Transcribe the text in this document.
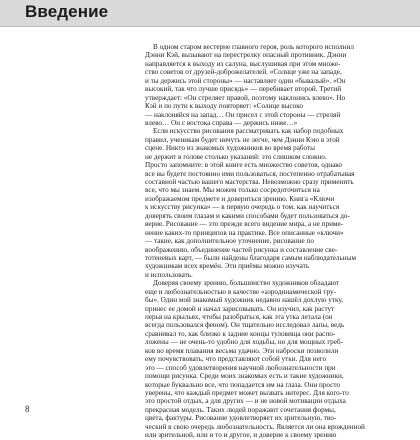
Введение
В одном старом вестерне главного героя, роль которого исполнил
Дэнни Кэй, вызывают на перестрелку опасный противник. Дэнни
направляется к выходу из салуна, выслушивая при этом множе-
ство советов от друзей-доброжелателей. «Солнце уже на западе,
и ты держись этой стороны» — наставляет один «бывалый». «Он
высокий, так что лучше присядь» — перебивает второй. Третий
утверждает: «Он стреляет правой, поэтому наклонись влево». Но
Кэй и по пути к выходу повторяет: «Солнце высоко
— наклоняйся на запад… Он присел с этой стороны — стреляй
влево… Он с востока справа — держись ниже…»
Если искусство рисования рассматривать как набор подобных
правил, ученикам будет ничуть не легче, чем Дэнни Кэю в этой
сцене. Никто из знакомых художников во время работы
не держит в голове столько указаний: это слишком сложно.
Просто запомните: в этой книге есть множество советов, однако
все вы будете постоянно ими пользоваться, постепенно отрабатывая
составной частью вашего мастерства. Невозможно сразу применить
все, что мы знаем. Мы можем только сосредоточиться на
изображаемом предмете и довериться зрению. Книга «Ключи
к искусству рисунка» — в первую очередь о том, как научиться
доверять своим глазам и какими способами будет пользоваться до-
верие. Рисование — это прежде всего видение мира, а не приме-
нение каких-то принципов на практике. Все описанные «ключи»
— такие, как дополнительное уточнение, рисование по
воображению, объединение частей рисунка и составление све-
тотеневых карт, — были найдены благодаря самым наблюдательным
художникам всех времён. Эти приёмы можно изучать
и использовать.
Доверяя своему зрению, большинство художников обладают
еще и любознательностью в качестве «аэродинамической тру-
бы». Один мой знакомый художник недавно нашёл дохлую утку,
принес ее домой и начал зарисовывать. Он изучил, как растут
перья на крыльях, чтобы разобраться, как эта утка летала (он
всегда пользовался феном). Он тщательно исследовал лапы, ведь
сравнивал то, как близко к задние концы туловища они распо-
ложены — не очень-то удобно для ходьбы, но для мощных греб-
ков во время плавания весьма удачно. Эти наброски позволили
ему почувствовать, что представляют собой утки. Для него
это — способ удовлетворения научной любознательности при
помощи рисунка. Среди моих знакомых есть и такие художники,
которые буквально все, что попадается им на глаза. Они просто
уверены, что каждый предмет может вызвать интерес. Для кого-то
это простой отдых, а для других — и не новой мотивации отдыха
прекрасная модель. Таких людей поражают сочетания формы,
цвета, фактуры. Рисование удовлетворяет их зрительную, тво-
ческий в свою очередь любознательность. Является ли она врожденной
или зрительной, или и то и другое, и доверие к своему зрению
8
